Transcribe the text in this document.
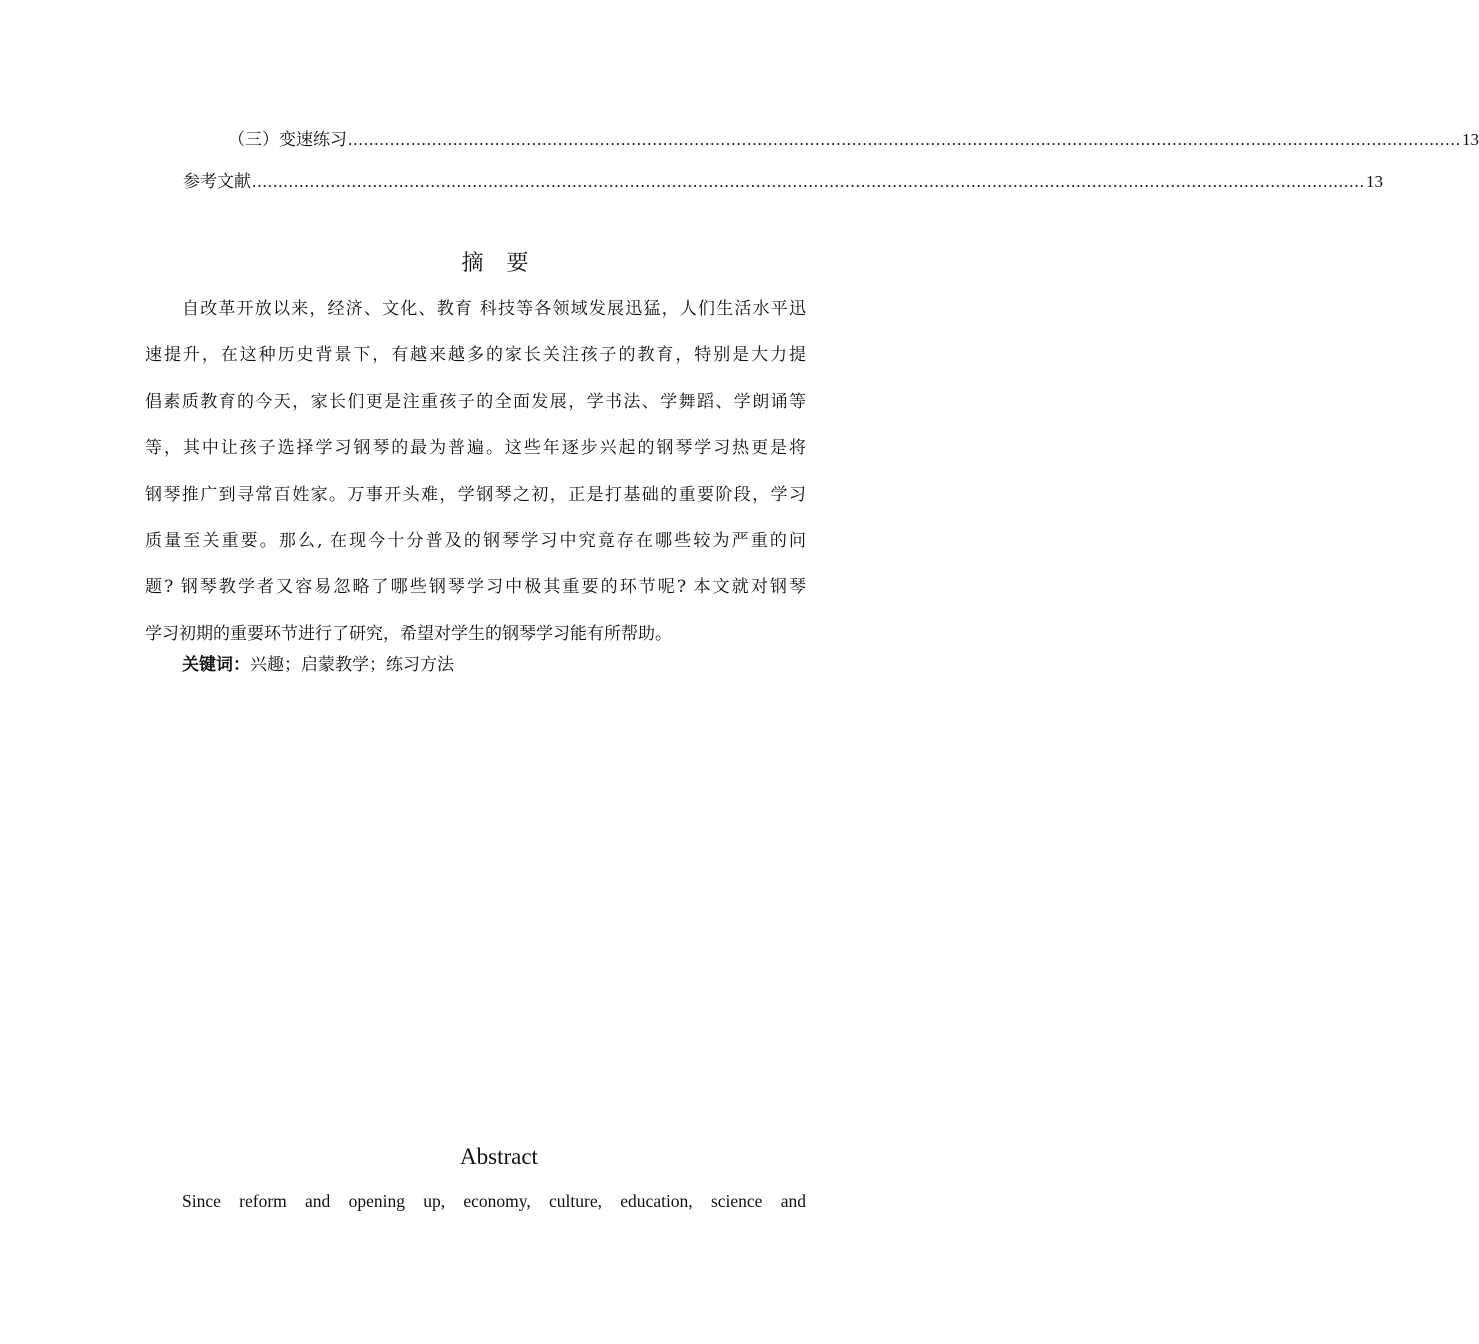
（三）变速练习 .................................................................................................................................................................................................................... 13
参考文献 .................................................................................................................................................................................................................... 13
摘 要
自改革开放以来，经济、文化、教育 科技等各领域发展迅猛，人们生活水平迅
速提升，在这种历史背景下，有越来越多的家长关注孩子的教育，特别是大力提
倡素质教育的今天，家长们更是注重孩子的全面发展，学书法、学舞蹈、学朗诵等
等，其中让孩子选择学习钢琴的最为普遍。这些年逐步兴起的钢琴学习热更是将
钢琴推广到寻常百姓家。万事开头难，学钢琴之初，正是打基础的重要阶段，学习
质量至关重要。那么, 在现今十分普及的钢琴学习中究竟存在哪些较为严重的问
题? 钢琴教学者又容易忽略了哪些钢琴学习中极其重要的环节呢? 本文就对钢琴
学习初期的重要环节进行了研究，希望对学生的钢琴学习能有所帮助。
关键词：兴趣；启蒙教学；练习方法
Abstract
Since reform and opening up, economy, culture, education, science and
